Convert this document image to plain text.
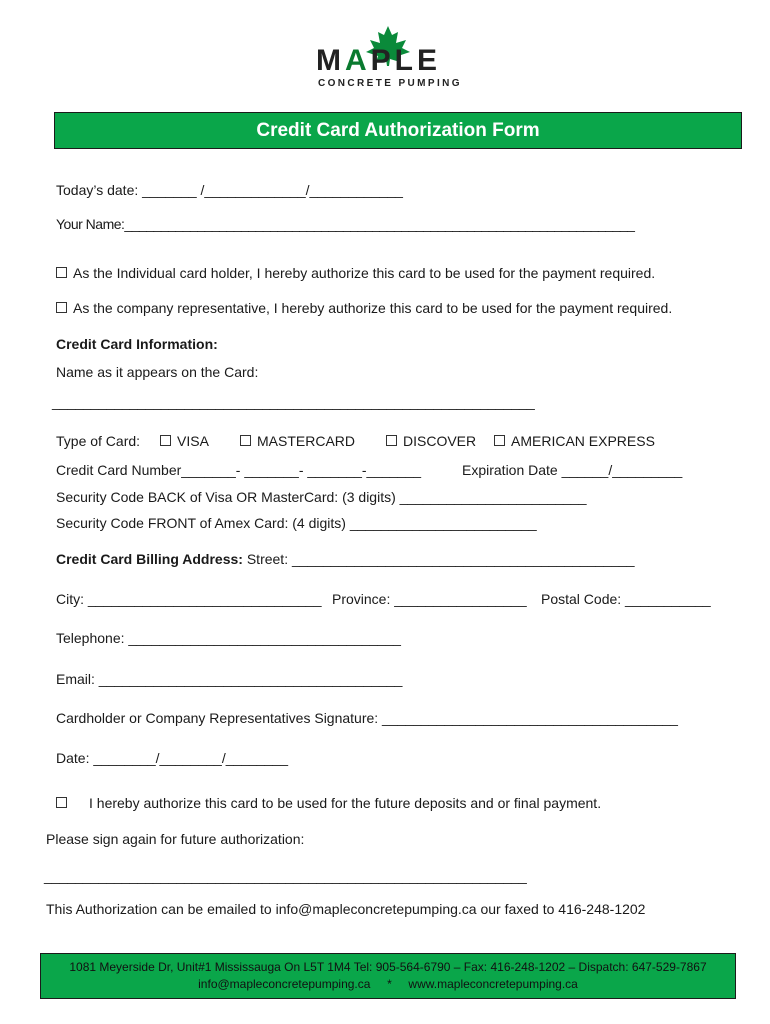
MAPLE
CONCRETE PUMPING
Credit Card Authorization Form
Today’s date: _______ /_____________/____________
Your Name:______________________________________________________________________
As the Individual card holder, I hereby authorize this card to be used for the payment required.
As the company representative, I hereby authorize this card to be used for the payment required.
Credit Card Information:
Name as it appears on the Card:
______________________________________________________________
Type of Card:	VISA	MASTERCARD	DISCOVER	AMERICAN EXPRESS
Credit Card Number_______- _______- _______-_______	Expiration Date ______/_________
Security Code BACK of Visa OR MasterCard: (3 digits) ________________________
Security Code FRONT of Amex Card: (4 digits) ________________________
Credit Card Billing Address: Street: ____________________________________________
City: ______________________________ Province: _________________ Postal Code: ___________
Telephone: ___________________________________
Email: _______________________________________
Cardholder or Company Representatives Signature: ______________________________________
Date: ________/________/________
I hereby authorize this card to be used for the future deposits and or final payment.
Please sign again for future authorization:
______________________________________________________________
This Authorization can be emailed to info@mapleconcretepumping.ca our faxed to 416-248-1202
1081 Meyerside Dr, Unit#1 Mississauga On L5T 1M4 Tel: 905-564-6790 – Fax: 416-248-1202 – Dispatch: 647-529-7867
info@mapleconcretepumping.ca     *     www.mapleconcretepumping.ca
